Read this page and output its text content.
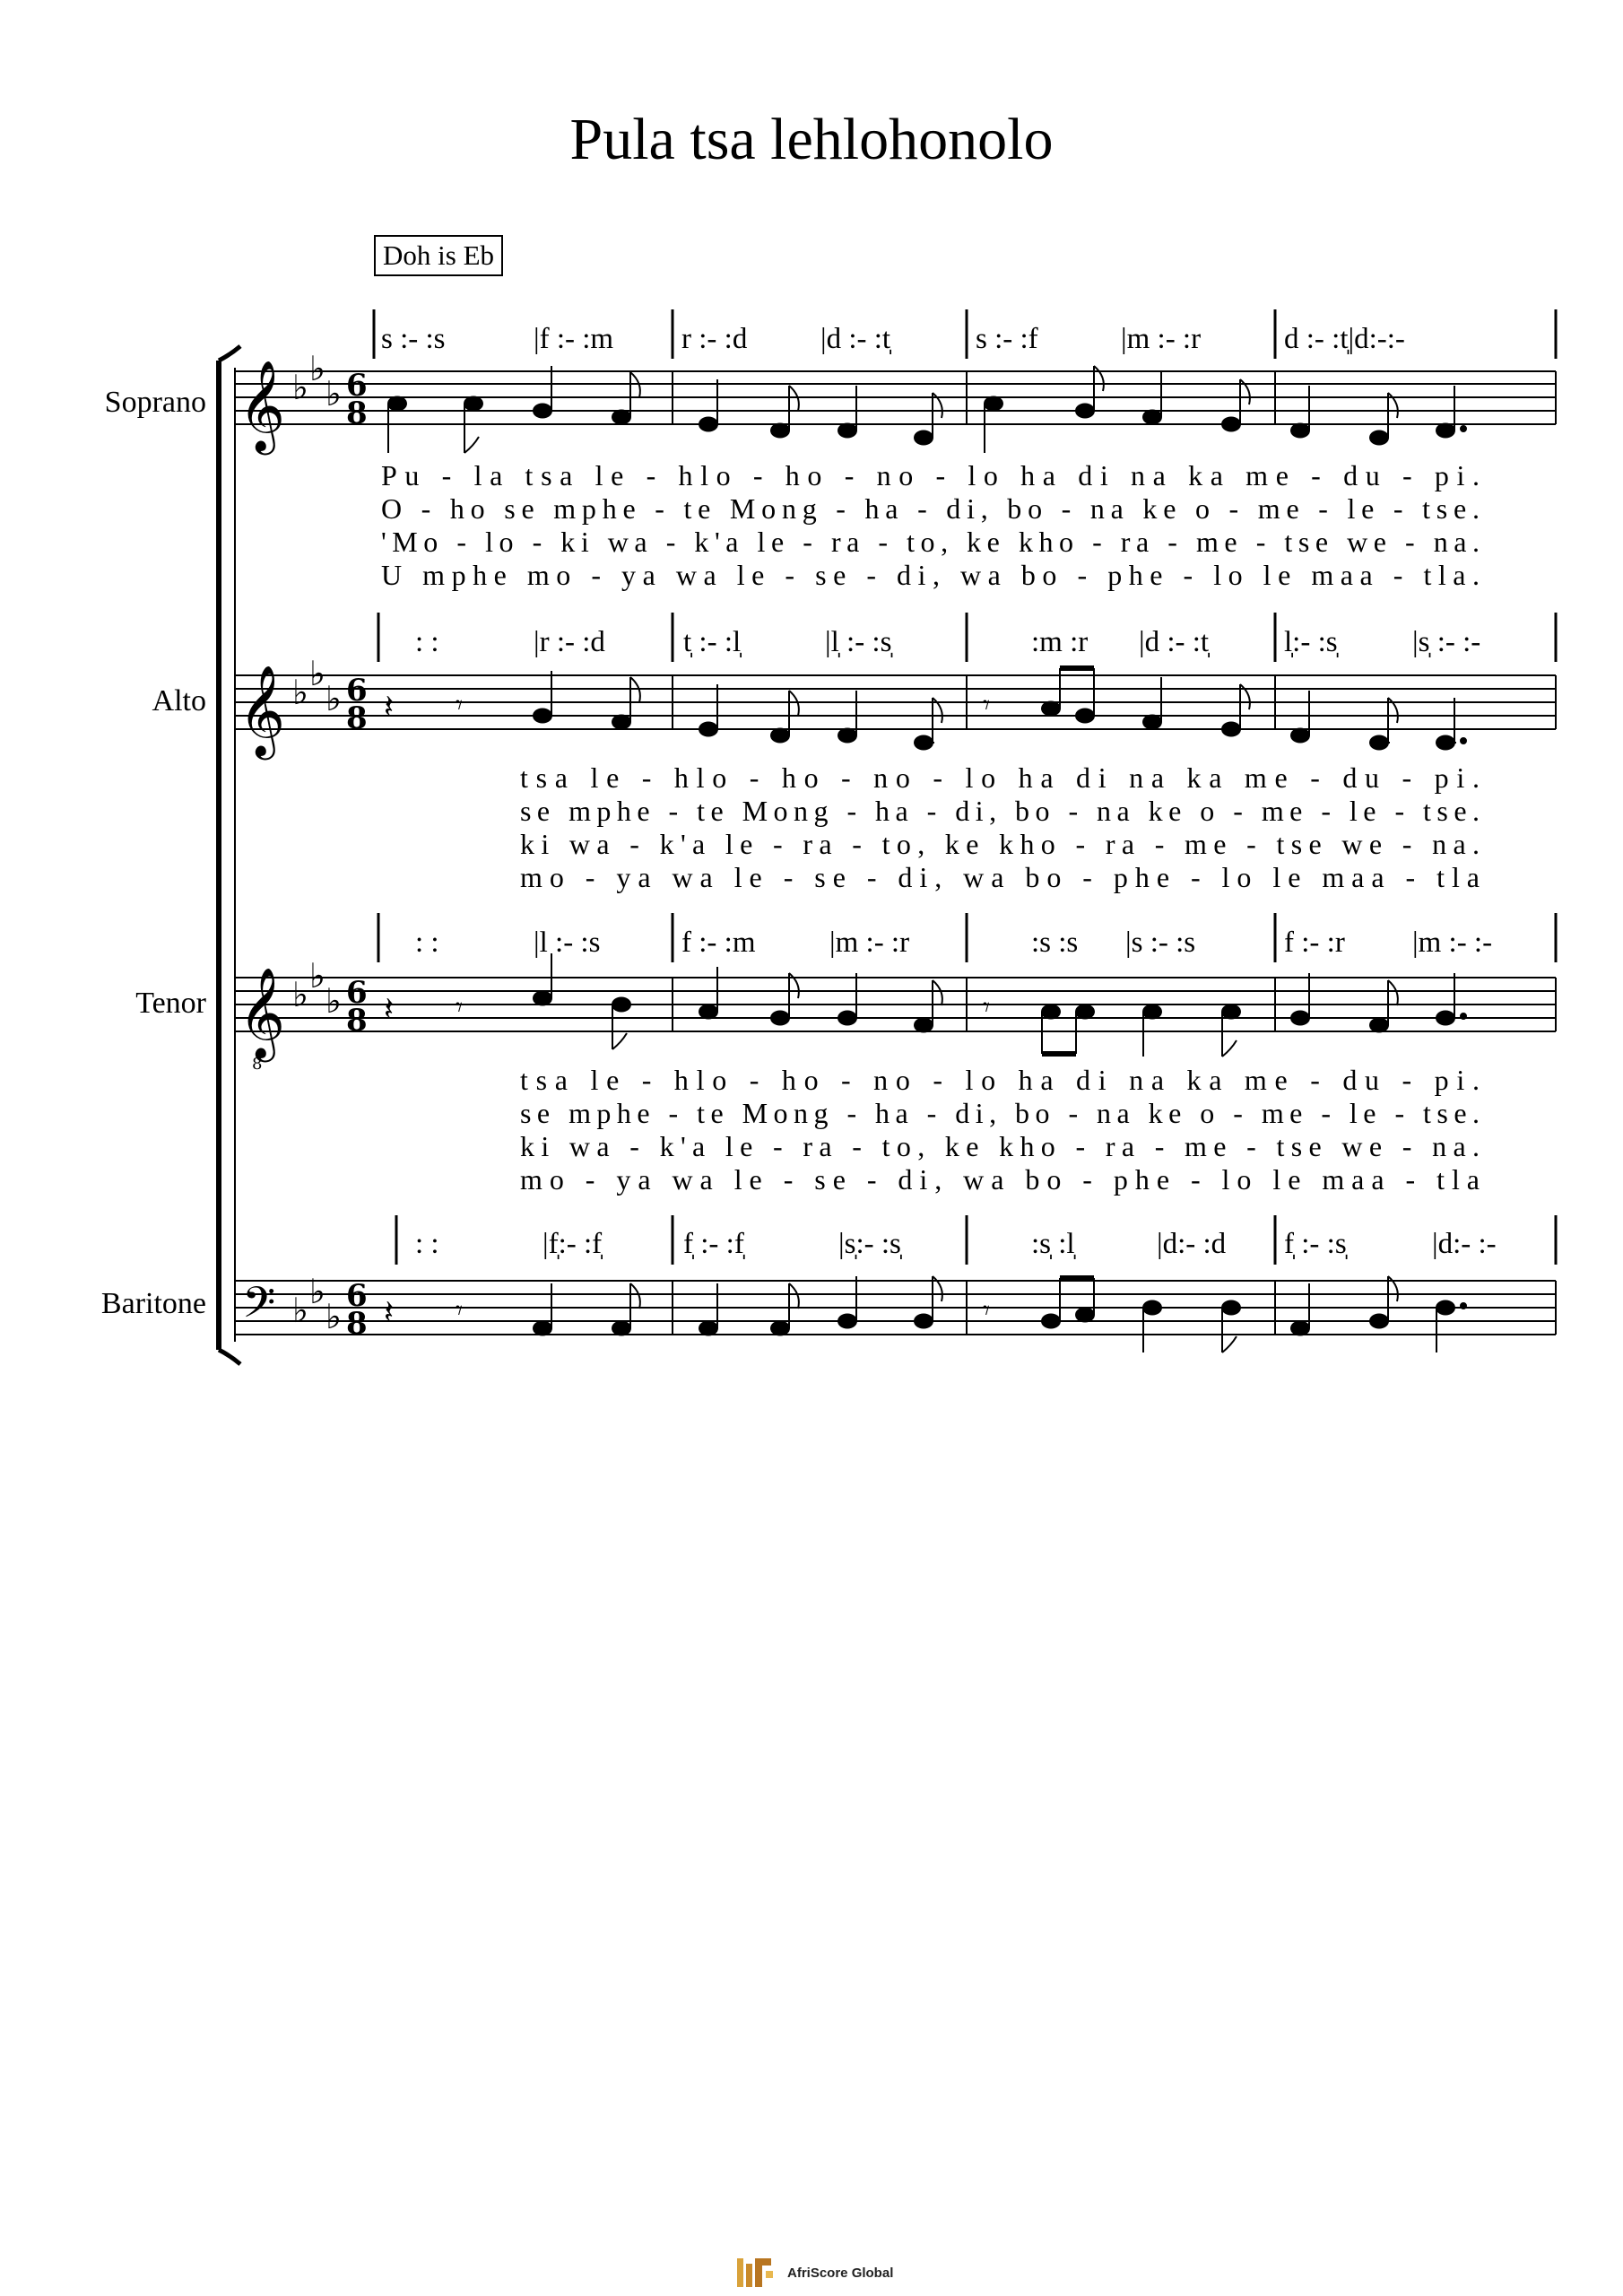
Pula tsa lehlohonolo
Doh is Eb
Soprano
Alto
Tenor
Baritone
𝄞 ♭ ♭
♭ 6
8
s :- :s	|f :- :m r :- :d |d :- :t̩	s :- :f	|m :- :r	d :- :t̩|d:-:-
𝄞 ♭ ♭
♭ 6
8 𝄽 𝄾	𝄾
: :	|r :- :d	t̩ :- :l̩	|l̩ :- :s̩	:m :r |d :- :t̩	l̩:- :s̩	|s̩ :- :-
𝄞
8
♭ ♭
♭ 6
8 𝄽 𝄾	𝄾
: :	|l :- :s	f :- :m	|m :- :r	:s :s |s :- :s	f :- :r |m :- :-
𝄢 ♭ ♭
♭
6
8 𝄽 𝄾	𝄾
: :	|f̩:- :f̩	f̩ :- :f̩	|s̩:- :s̩	:s̩ :l̩	|d:- :d f̩ :- :s̩	|d:- :-
Pu - la tsa le - hlo - ho - no - lo ha di na ka me - du - pi.
O - ho se mphe - te Mong - ha - di, bo - na ke o - me - le - tse.
'Mo - lo - ki wa - k'a le - ra - to, ke kho - ra - me - tse we - na.
U mphe mo - ya wa le - se - di, wa bo - phe - lo le maa - tla.
tsa le - hlo - ho - no - lo ha di na ka me - du - pi.
se mphe - te Mong - ha - di, bo - na ke o - me - le - tse.
ki wa - k'a le - ra - to, ke kho - ra - me - tse we - na.
mo - ya wa le - se - di, wa bo - phe - lo le maa - tla
tsa le - hlo - ho - no - lo ha di na ka me - du - pi.
se mphe - te Mong - ha - di, bo - na ke o - me - le - tse.
ki wa - k'a le - ra - to, ke kho - ra - me - tse we - na.
mo - ya wa le - se - di, wa bo - phe - lo le maa - tla
AfriScore Global
